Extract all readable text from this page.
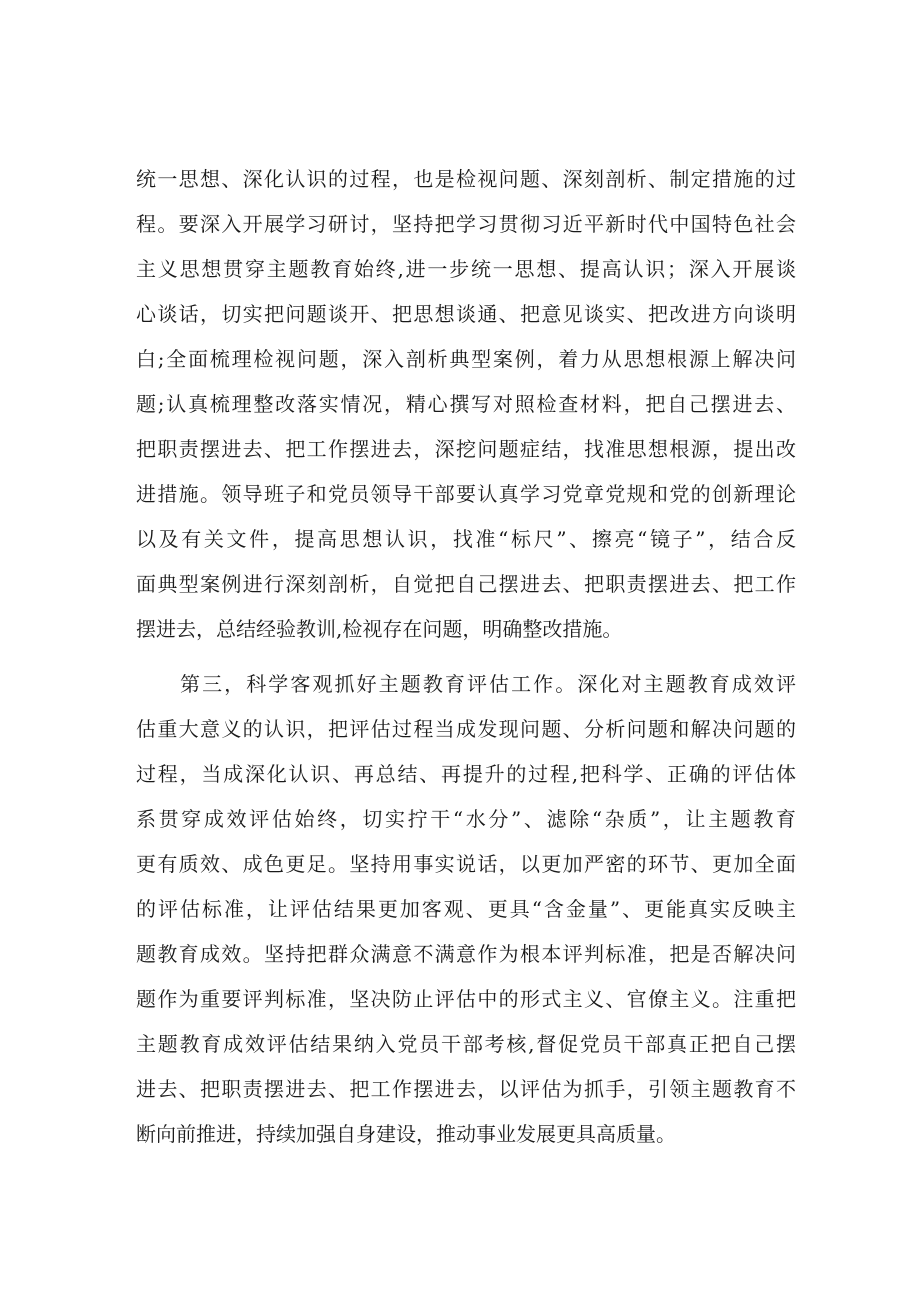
统一思想、深化认识的过程，也是检视问题、深刻剖析、制定措施的过
程。要深入开展学习研讨，坚持把学习贯彻习近平新时代中国特色社会
主义思想贯穿主题教育始终,进一步统一思想、提高认识；深入开展谈
心谈话，切实把问题谈开、把思想谈通、把意见谈实、把改进方向谈明
白;全面梳理检视问题，深入剖析典型案例，着力从思想根源上解决问
题;认真梳理整改落实情况，精心撰写对照检查材料，把自己摆进去、
把职责摆进去、把工作摆进去，深挖问题症结，找准思想根源，提出改
进措施。领导班子和党员领导干部要认真学习党章党规和党的创新理论
以及有关文件，提高思想认识，找准“标尺”、擦亮“镜子”，结合反
面典型案例进行深刻剖析，自觉把自己摆进去、把职责摆进去、把工作
摆进去，总结经验教训,检视存在问题，明确整改措施。
第三，科学客观抓好主题教育评估工作。深化对主题教育成效评
估重大意义的认识，把评估过程当成发现问题、分析问题和解决问题的
过程，当成深化认识、再总结、再提升的过程,把科学、正确的评估体
系贯穿成效评估始终，切实拧干“水分”、滤除“杂质”，让主题教育
更有质效、成色更足。坚持用事实说话，以更加严密的环节、更加全面
的评估标准，让评估结果更加客观、更具“含金量”、更能真实反映主
题教育成效。坚持把群众满意不满意作为根本评判标准，把是否解决问
题作为重要评判标准，坚决防止评估中的形式主义、官僚主义。注重把
主题教育成效评估结果纳入党员干部考核,督促党员干部真正把自己摆
进去、把职责摆进去、把工作摆进去，以评估为抓手，引领主题教育不
断向前推进，持续加强自身建设，推动事业发展更具高质量。
